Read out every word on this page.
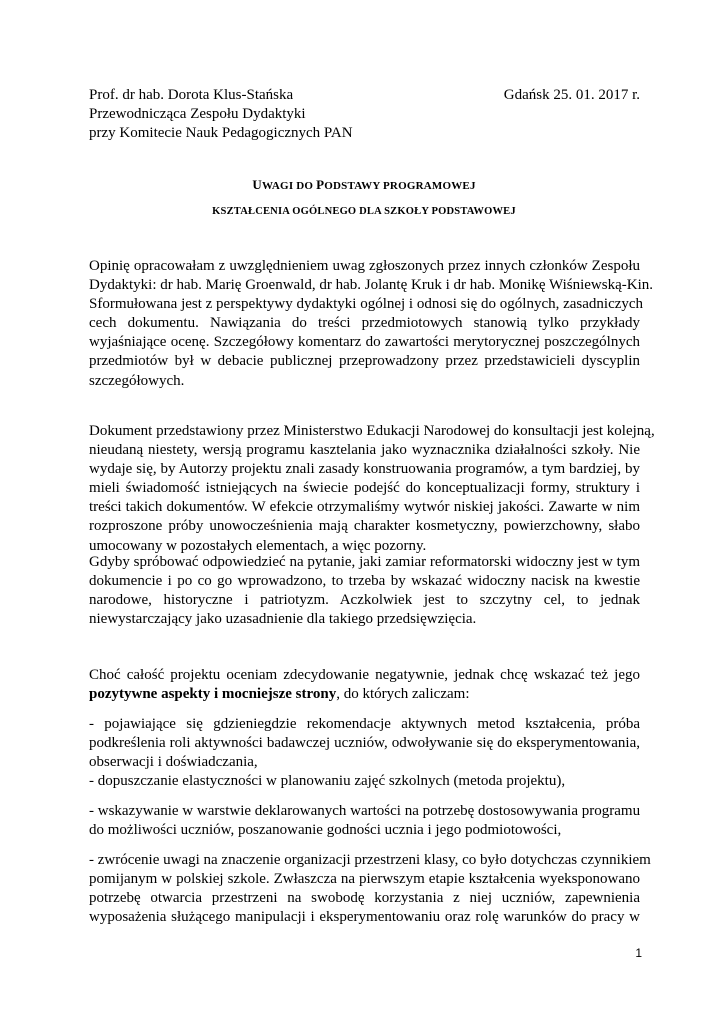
Prof. dr hab. Dorota Klus-Stańska
Przewodnicząca Zespołu Dydaktyki
przy Komitecie Nauk Pedagogicznych PAN
Gdańsk 25. 01. 2017 r.
UWAGI DO PODSTAWY PROGRAMOWEJ
KSZTAŁCENIA OGÓLNEGO DLA SZKOŁY PODSTAWOWEJ
Opinię opracowałam z uwzględnieniem uwag zgłoszonych przez innych członków Zespołu
Dydaktyki: dr hab. Marię Groenwald, dr hab. Jolantę Kruk i dr hab. Monikę Wiśniewską-Kin.
Sformułowana jest z perspektywy dydaktyki ogólnej i odnosi się do ogólnych, zasadniczych
cech dokumentu. Nawiązania do treści przedmiotowych stanowią tylko przykłady
wyjaśniające ocenę. Szczegółowy komentarz do zawartości merytorycznej poszczególnych
przedmiotów był w debacie publicznej przeprowadzony przez przedstawicieli dyscyplin
szczegółowych.
Dokument przedstawiony przez Ministerstwo Edukacji Narodowej do konsultacji jest kolejną,
nieudaną niestety, wersją programu kasztelania jako wyznacznika działalności szkoły. Nie
wydaje się, by Autorzy projektu znali zasady konstruowania programów, a tym bardziej, by
mieli świadomość istniejących na świecie podejść do konceptualizacji formy, struktury i
treści takich dokumentów. W efekcie otrzymaliśmy wytwór niskiej jakości. Zawarte w nim
rozproszone próby unowocześnienia mają charakter kosmetyczny, powierzchowny, słabo
umocowany w pozostałych elementach, a więc pozorny.
Gdyby spróbować odpowiedzieć na pytanie, jaki zamiar reformatorski widoczny jest w tym
dokumencie i po co go wprowadzono, to trzeba by wskazać widoczny nacisk na kwestie
narodowe, historyczne i patriotyzm. Aczkolwiek jest to szczytny cel, to jednak
niewystarczający jako uzasadnienie dla takiego przedsięwzięcia.
Choć całość projektu oceniam zdecydowanie negatywnie, jednak chcę wskazać też jego
pozytywne aspekty i mocniejsze strony, do których zaliczam:
- pojawiające się gdzieniegdzie rekomendacje aktywnych metod kształcenia, próba
podkreślenia roli aktywności badawczej uczniów, odwoływanie się do eksperymentowania,
obserwacji i doświadczania,
- dopuszczanie elastyczności w planowaniu zajęć szkolnych (metoda projektu),
- wskazywanie w warstwie deklarowanych wartości na potrzebę dostosowywania programu
do możliwości uczniów, poszanowanie godności ucznia i jego podmiotowości,
- zwrócenie uwagi na znaczenie organizacji przestrzeni klasy, co było dotychczas czynnikiem
pomijanym w polskiej szkole. Zwłaszcza na pierwszym etapie kształcenia wyeksponowano
potrzebę otwarcia przestrzeni na swobodę korzystania z niej uczniów, zapewnienia
wyposażenia służącego manipulacji i eksperymentowaniu oraz rolę warunków do pracy w
1
